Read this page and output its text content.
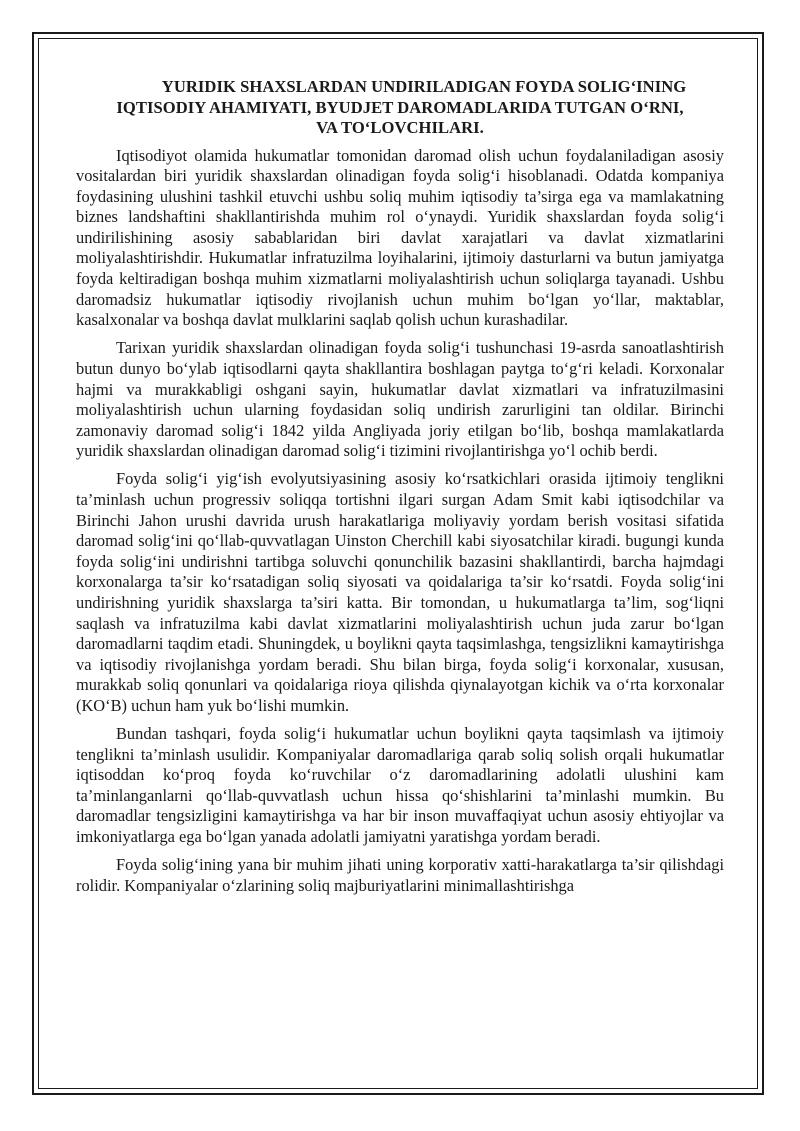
YURIDIK SHAXSLARDAN UNDIRILADIGAN FOYDA SOLIG‘INING
IQTISODIY AHAMIYATI, BYUDJET DAROMADLARIDA TUTGAN O‘RNI,
VA TO‘LOVCHILARI.

Iqtisodiyot olamida hukumatlar tomonidan daromad olish uchun foydalaniladigan asosiy vositalardan biri yuridik shaxslardan olinadigan foyda solig‘i hisoblanadi. Odatda kompaniya foydasining ulushini tashkil etuvchi ushbu soliq muhim iqtisodiy ta’sirga ega va mamlakatning biznes landshaftini shakllantirishda muhim rol o‘ynaydi. Yuridik shaxslardan foyda solig‘i undirilishining asosiy sabablaridan biri davlat xarajatlari va davlat xizmatlarini moliyalashtirishdir. Hukumatlar infratuzilma loyihalarini, ijtimoiy dasturlarni va butun jamiyatga foyda keltiradigan boshqa muhim xizmatlarni moliyalashtirish uchun soliqlarga tayanadi. Ushbu daromadsiz hukumatlar iqtisodiy rivojlanish uchun muhim bo‘lgan yo‘llar, maktablar, kasalxonalar va boshqa davlat mulklarini saqlab qolish uchun kurashadilar.

Tarixan yuridik shaxslardan olinadigan foyda solig‘i tushunchasi 19-asrda sanoatlashtirish butun dunyo bo‘ylab iqtisodlarni qayta shakllantira boshlagan paytga to‘g‘ri keladi. Korxonalar hajmi va murakkabligi oshgani sayin, hukumatlar davlat xizmatlari va infratuzilmasini moliyalashtirish uchun ularning foydasidan soliq undirish zarurligini tan oldilar. Birinchi zamonaviy daromad solig‘i 1842 yilda Angliyada joriy etilgan bo‘lib, boshqa mamlakatlarda yuridik shaxslardan olinadigan daromad solig‘i tizimini rivojlantirishga yo‘l ochib berdi.

Foyda solig‘i yig‘ish evolyutsiyasining asosiy ko‘rsatkichlari orasida ijtimoiy tenglikni ta’minlash uchun progressiv soliqqa tortishni ilgari surgan Adam Smit kabi iqtisodchilar va Birinchi Jahon urushi davrida urush harakatlariga moliyaviy yordam berish vositasi sifatida daromad solig‘ini qo‘llab-quvvatlagan Uinston Cherchill kabi siyosatchilar kiradi. bugungi kunda foyda solig‘ini undirishni tartibga soluvchi qonunchilik bazasini shakllantirdi, barcha hajmdagi korxonalarga ta’sir ko‘rsatadigan soliq siyosati va qoidalariga ta’sir ko‘rsatdi. Foyda solig‘ini undirishning yuridik shaxslarga ta’siri katta. Bir tomondan, u hukumatlarga ta’lim, sog‘liqni saqlash va infratuzilma kabi davlat xizmatlarini moliyalashtirish uchun juda zarur bo‘lgan daromadlarni taqdim etadi. Shuningdek, u boylikni qayta taqsimlashga, tengsizlikni kamaytirishga va iqtisodiy rivojlanishga yordam beradi. Shu bilan birga, foyda solig‘i korxonalar, xususan, murakkab soliq qonunlari va qoidalariga rioya qilishda qiynalayotgan kichik va o‘rta korxonalar (KO‘B) uchun ham yuk bo‘lishi mumkin.

Bundan tashqari, foyda solig‘i hukumatlar uchun boylikni qayta taqsimlash va ijtimoiy tenglikni ta’minlash usulidir. Kompaniyalar daromadlariga qarab soliq solish orqali hukumatlar iqtisoddan ko‘proq foyda ko‘ruvchilar o‘z daromadlarining adolatli ulushini kam ta’minlanganlarni qo‘llab-quvvatlash uchun hissa qo‘shishlarini ta’minlashi mumkin. Bu daromadlar tengsizligini kamaytirishga va har bir inson muvaffaqiyat uchun asosiy ehtiyojlar va imkoniyatlarga ega bo‘lgan yanada adolatli jamiyatni yaratishga yordam beradi.

Foyda solig‘ining yana bir muhim jihati uning korporativ xatti-harakatlarga ta’sir qilishdagi rolidir. Kompaniyalar o‘zlarining soliq majburiyatlarini minimallashtirishga
